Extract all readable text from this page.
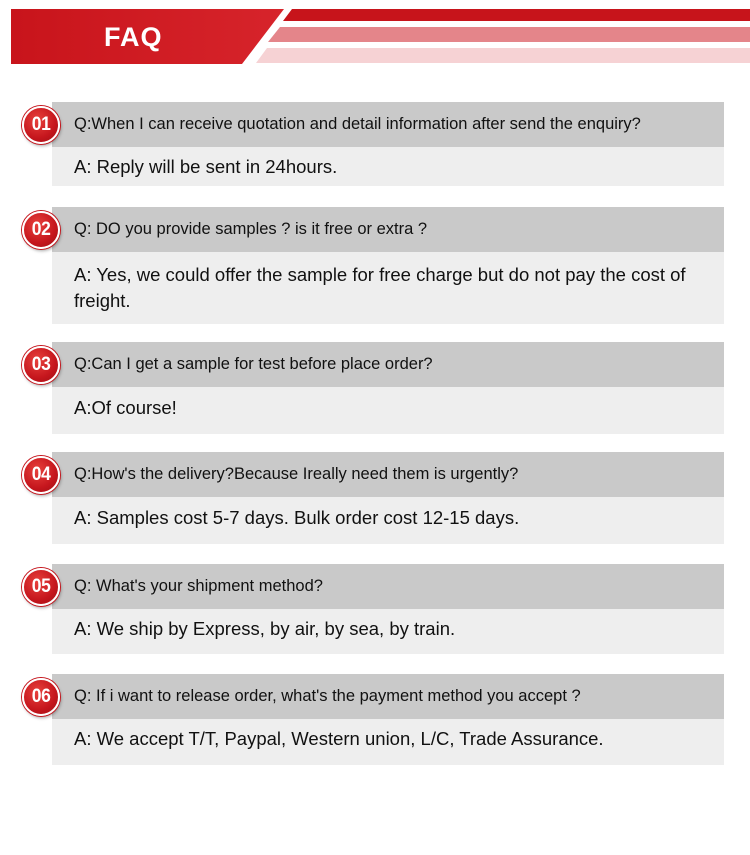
FAQ
Q:When I can receive quotation and detail information after send the enquiry?
A: Reply will be sent in 24hours.
01
Q: DO you provide samples ? is it free or extra ?
A: Yes, we could offer the sample for free charge but do not pay the cost of freight.
02
Q:Can I get a sample for test before place order?
A:Of course!
03
Q:How's the delivery?Because Ireally need them is urgently?
A: Samples cost 5-7 days. Bulk order cost 12-15 days.
04
Q: What's your shipment method?
A: We ship by Express, by air, by sea, by train.
05
Q: If i want to release order, what's the payment method you accept ?
A: We accept T/T, Paypal, Western union, L/C, Trade Assurance.
06
